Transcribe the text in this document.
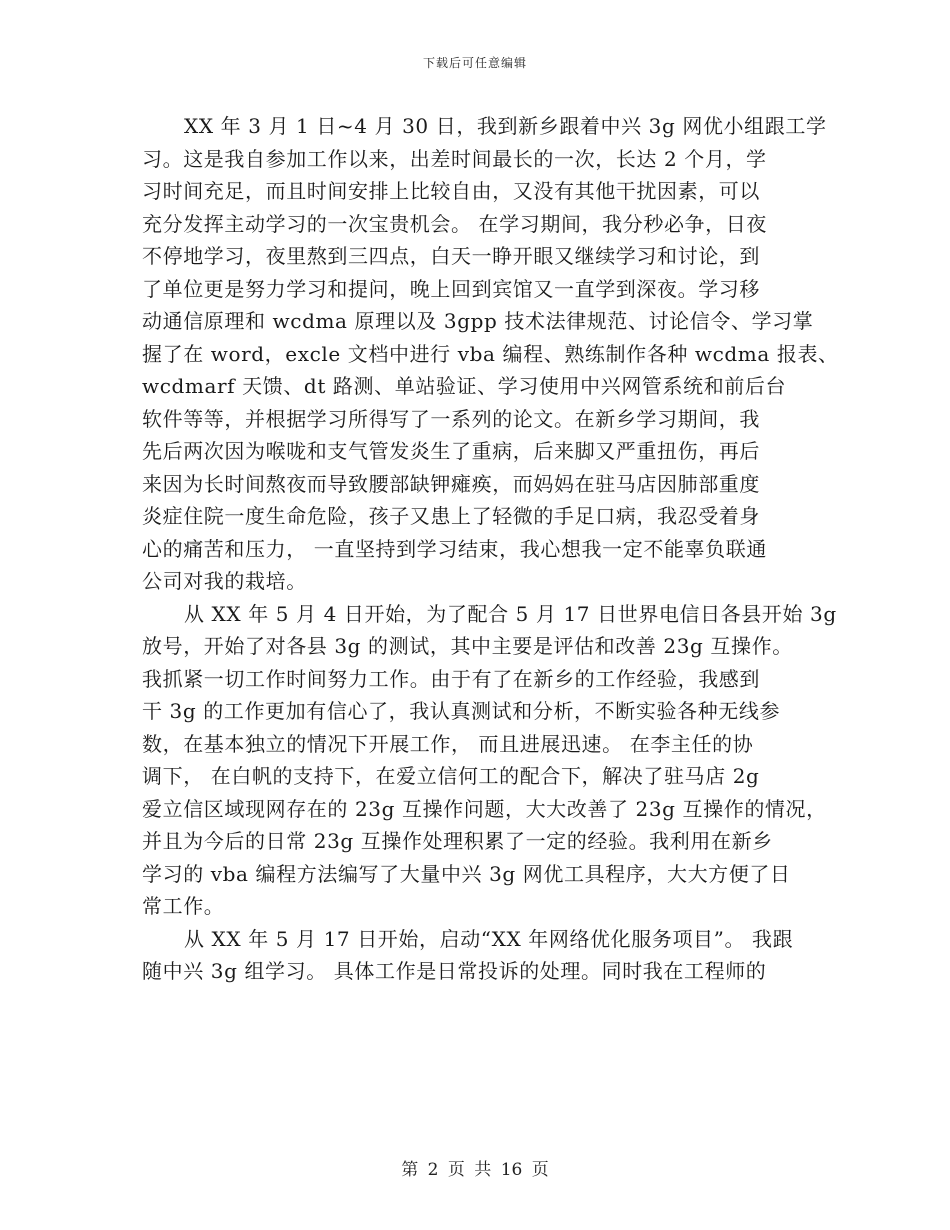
下载后可任意编辑
XX 年 3 月 1 日~4 月 30 日，我到新乡跟着中兴 3g 网优小组跟工学
习。这是我自参加工作以来，出差时间最长的一次，长达 2 个月，学
习时间充足，而且时间安排上比较自由，又没有其他干扰因素，可以
充分发挥主动学习的一次宝贵机会。 在学习期间，我分秒必争，日夜
不停地学习，夜里熬到三四点，白天一睁开眼又继续学习和讨论，到
了单位更是努力学习和提问，晚上回到宾馆又一直学到深夜。学习移
动通信原理和 wcdma 原理以及 3gpp 技术法律规范、讨论信令、学习掌
握了在 word，excle 文档中进行 vba 编程、熟练制作各种 wcdma 报表、
wcdmarf 天馈、dt 路测、单站验证、学习使用中兴网管系统和前后台
软件等等，并根据学习所得写了一系列的论文。在新乡学习期间，我
先后两次因为喉咙和支气管发炎生了重病，后来脚又严重扭伤，再后
来因为长时间熬夜而导致腰部缺钾瘫痪，而妈妈在驻马店因肺部重度
炎症住院一度生命危险，孩子又患上了轻微的手足口病，我忍受着身
心的痛苦和压力， 一直坚持到学习结束，我心想我一定不能辜负联通
公司对我的栽培。
从 XX 年 5 月 4 日开始，为了配合 5 月 17 日世界电信日各县开始 3g
放号，开始了对各县 3g 的测试，其中主要是评估和改善 23g 互操作。
我抓紧一切工作时间努力工作。由于有了在新乡的工作经验，我感到
干 3g 的工作更加有信心了，我认真测试和分析，不断实验各种无线参
数，在基本独立的情况下开展工作， 而且进展迅速。 在李主任的协
调下， 在白帆的支持下，在爱立信何工的配合下，解决了驻马店 2g
爱立信区域现网存在的 23g 互操作问题，大大改善了 23g 互操作的情况，
并且为今后的日常 23g 互操作处理积累了一定的经验。我利用在新乡
学习的 vba 编程方法编写了大量中兴 3g 网优工具程序，大大方便了日
常工作。
从 XX 年 5 月 17 日开始，启动“XX 年网络优化服务项目”。 我跟
随中兴 3g 组学习。 具体工作是日常投诉的处理。同时我在工程师的
第 2 页 共 16 页
